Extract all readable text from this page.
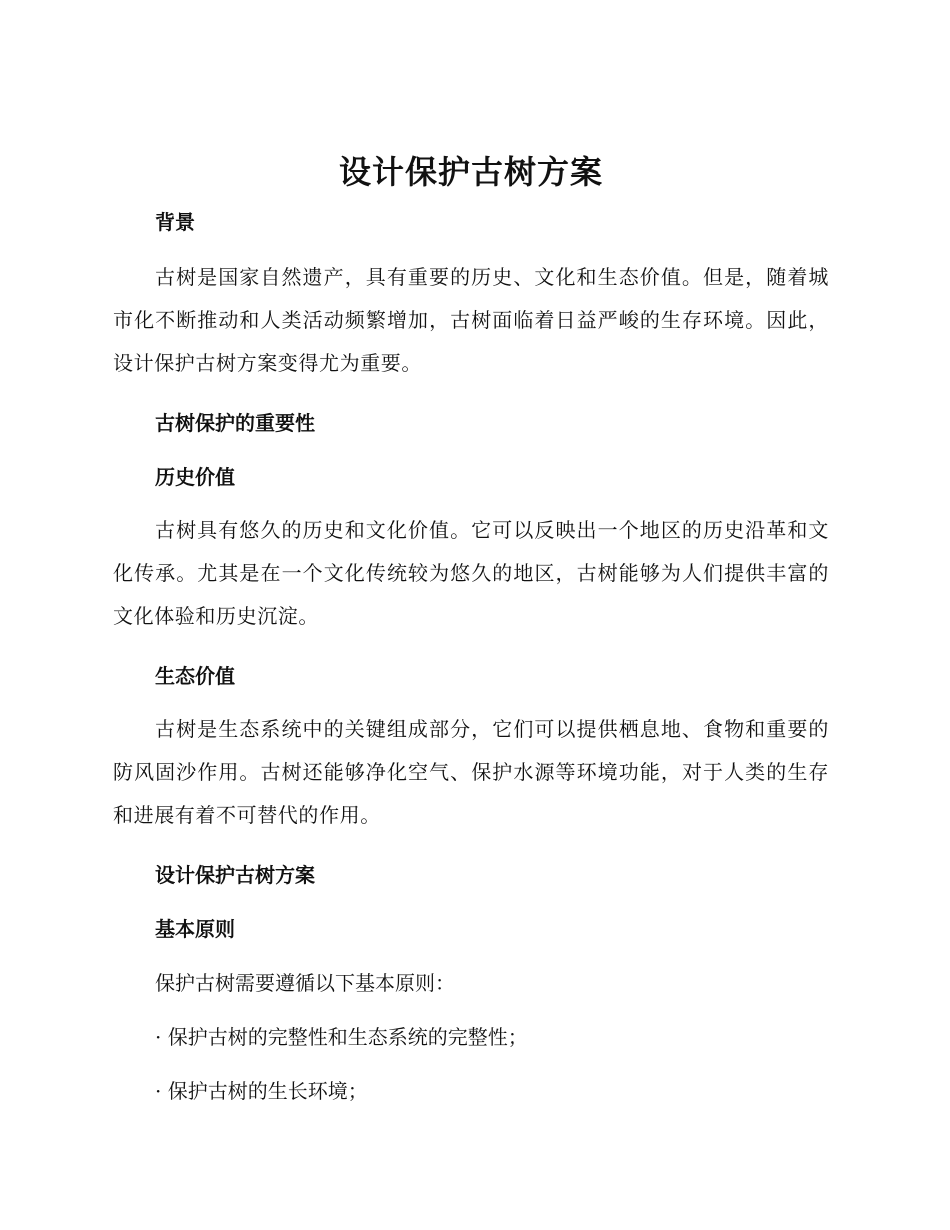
设计保护古树方案
背景

古树是国家自然遗产，具有重要的历史、文化和生态价值。但是，随着城市化不断推动和人类活动频繁增加，古树面临着日益严峻的生存环境。因此，设计保护古树方案变得尤为重要。

古树保护的重要性
历史价值

古树具有悠久的历史和文化价值。它可以反映出一个地区的历史沿革和文化传承。尤其是在一个文化传统较为悠久的地区，古树能够为人们提供丰富的文化体验和历史沉淀。

生态价值

古树是生态系统中的关键组成部分，它们可以提供栖息地、食物和重要的防风固沙作用。古树还能够净化空气、保护水源等环境功能，对于人类的生存和进展有着不可替代的作用。

设计保护古树方案
基本原则

保护古树需要遵循以下基本原则：

· 保护古树的完整性和生态系统的完整性；

· 保护古树的生长环境；
